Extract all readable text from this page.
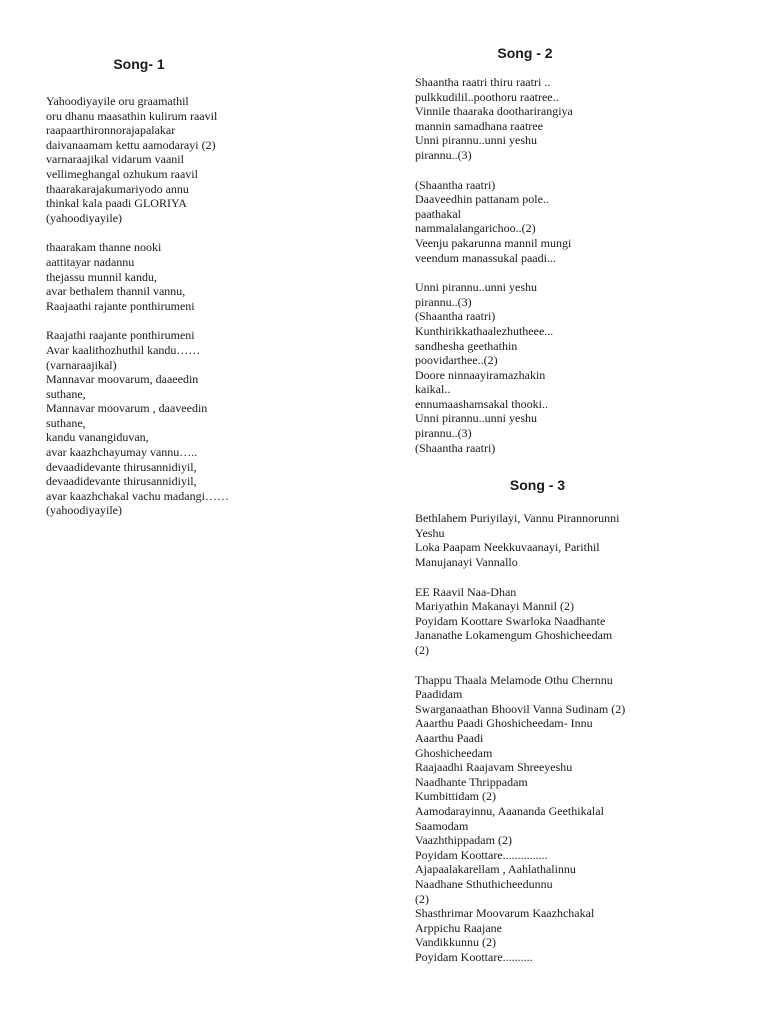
Song- 1
Yahoodiyayile oru graamathil
oru dhanu maasathin kulirum raavil
raapaarthironnorajapalakar
daivanaamam kettu aamodarayi (2)
varnaraajikal vidarum vaanil
vellimeghangal ozhukum raavil
thaarakarajakumariyodo annu
thinkal kala paadi GLORIYA
(yahoodiyayile)
thaarakam thanne nooki
aattitayar nadannu
thejassu munnil kandu,
avar bethalem thannil vannu,
Raajaathi rajante ponthirumeni
Raajathi raajante ponthirumeni
Avar kaalithozhuthil kandu……
(varnaraajikal)
Mannavar moovarum, daaeedin
suthane,
Mannavar moovarum , daaveedin
suthane,
kandu vanangiduvan,
avar kaazhchayumay vannu…..
devaadidevante thirusannidiyil,
devaadidevante thirusannidiyil,
avar kaazhchakal vachu madangi……
(yahoodiyayile)
Song - 2
Shaantha raatri thiru raatri ..
pulkkudilil..poothoru raatree..
Vinnile thaaraka dootharirangiya
mannin samadhana raatree
Unni pirannu..unni yeshu
pirannu..(3)
(Shaantha raatri)
Daaveedhin pattanam pole..
paathakal
nammalalangarichoo..(2)
Veenju pakarunna mannil mungi
veendum manassukal paadi...
Unni pirannu..unni yeshu
pirannu..(3)
(Shaantha raatri)
Kunthirikkathaalezhutheee...
sandhesha geethathin
poovidarthee..(2)
Doore ninnaayiramazhakin
kaikal..
ennumaashamsakal thooki..
Unni pirannu..unni yeshu
pirannu..(3)
(Shaantha raatri)
Song - 3
Bethlahem Puriyilayi, Vannu Pirannorunni
Yeshu
Loka Paapam Neekkuvaanayi, Parithil
Manujanayi Vannallo
EE Raavil Naa-Dhan
Mariyathin Makanayi Mannil (2)
Poyidam Koottare Swarloka Naadhante
Jananathe Lokamengum Ghoshicheedam
(2)
Thappu Thaala Melamode Othu Chernnu
Paadidam
Swarganaathan Bhoovil Vanna Sudinam (2)
Aaarthu Paadi Ghoshicheedam- Innu
Aaarthu Paadi
Ghoshicheedam
Raajaadhi Raajavam Shreeyeshu
Naadhante Thrippadam
Kumbittidam (2)
Aamodarayinnu, Aaananda Geethikalal
Saamodam
Vaazhthippadam (2)
Poyidam Koottare...............
Ajapaalakarellam , Aahlathalinnu
Naadhane Sthuthicheedunnu
(2)
Shasthrimar Moovarum Kaazhchakal
Arppichu Raajane
Vandikkunnu (2)
Poyidam Koottare..........
